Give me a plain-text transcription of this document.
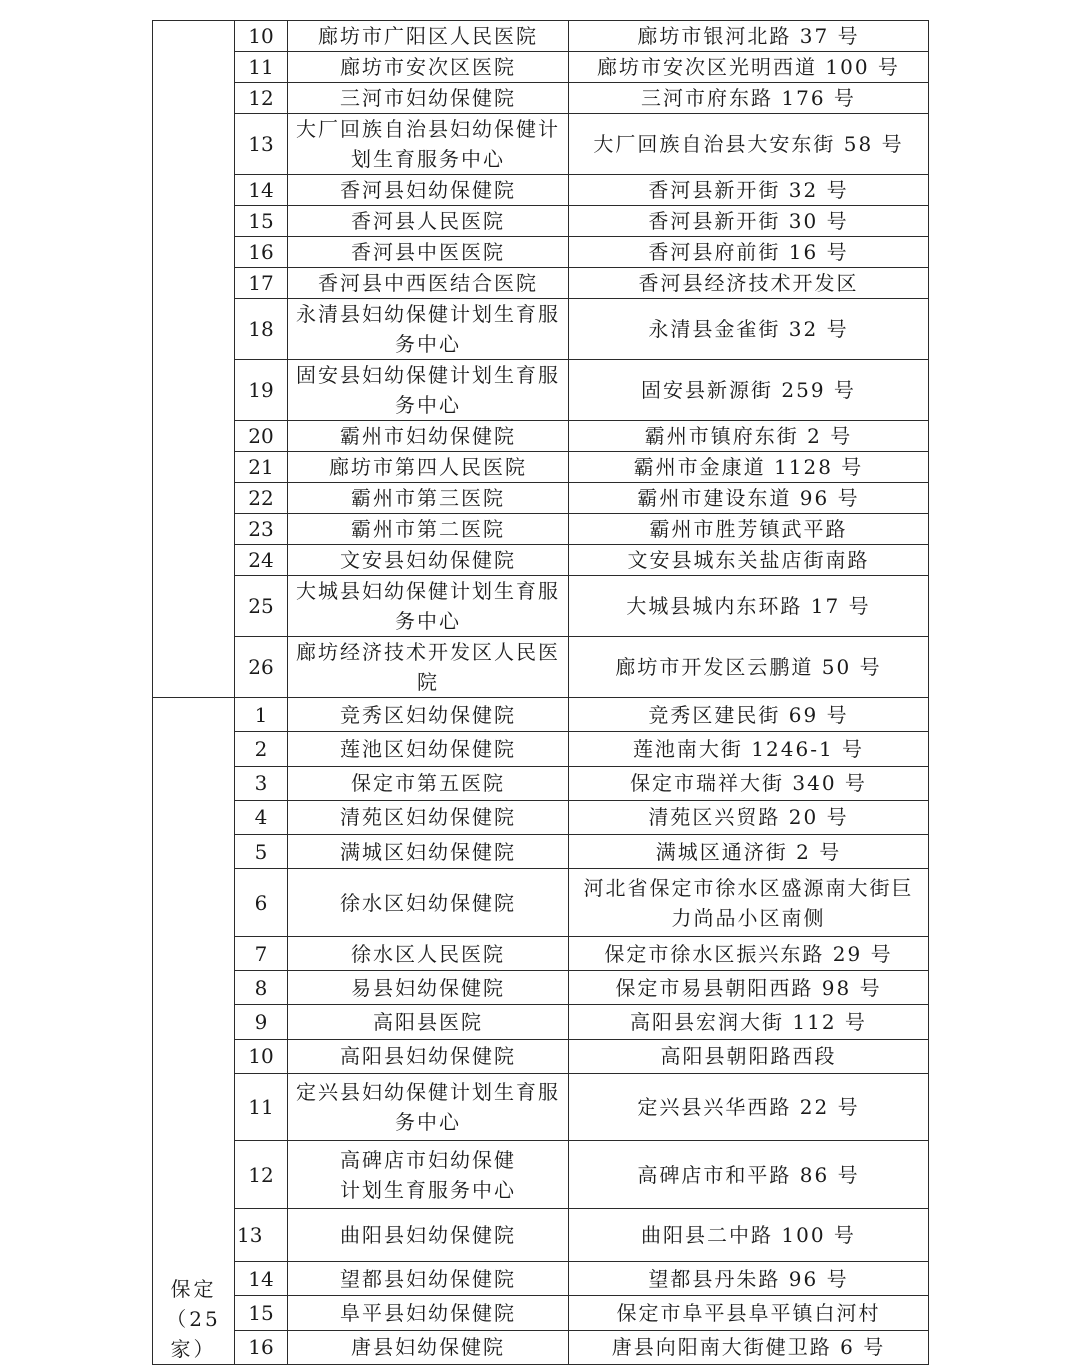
	10	廊坊市广阳区人民医院	廊坊市银河北路 37 号
	11	廊坊市安次区医院	廊坊市安次区光明西道 100 号
	12	三河市妇幼保健院	三河市府东路 176 号
	13	大厂回族自治县妇幼保健计划生育服务中心	大厂回族自治县大安东街 58 号
	14	香河县妇幼保健院	香河县新开街 32 号
	15	香河县人民医院	香河县新开街 30 号
	16	香河县中医医院	香河县府前街 16 号
	17	香河县中西医结合医院	香河县经济技术开发区
	18	永清县妇幼保健计划生育服务中心	永清县金雀街 32 号
	19	固安县妇幼保健计划生育服务中心	固安县新源街 259 号
	20	霸州市妇幼保健院	霸州市镇府东街 2 号
	21	廊坊市第四人民医院	霸州市金康道 1128 号
	22	霸州市第三医院	霸州市建设东道 96 号
	23	霸州市第二医院	霸州市胜芳镇武平路
	24	文安县妇幼保健院	文安县城东关盐店街南路
	25	大城县妇幼保健计划生育服务中心	大城县城内东环路 17 号
	26	廊坊经济技术开发区人民医院	廊坊市开发区云鹏道 50 号

保定
（25 家）	1	竞秀区妇幼保健院	竞秀区建民街 69 号
	2	莲池区妇幼保健院	莲池南大街 1246-1 号
	3	保定市第五医院	保定市瑞祥大街 340 号
	4	清苑区妇幼保健院	清苑区兴贸路 20 号
	5	满城区妇幼保健院	满城区通济街 2 号
	6	徐水区妇幼保健院	河北省保定市徐水区盛源南大街巨力尚品小区南侧
	7	徐水区人民医院	保定市徐水区振兴东路 29 号
	8	易县妇幼保健院	保定市易县朝阳西路 98 号
	9	高阳县医院	高阳县宏润大街 112 号
	10	高阳县妇幼保健院	高阳县朝阳路西段
	11	定兴县妇幼保健计划生育服务中心	定兴县兴华西路 22 号
	12	高碑店市妇幼保健
计划生育服务中心	高碑店市和平路 86 号
	13	曲阳县妇幼保健院	曲阳县二中路 100 号
	14	望都县妇幼保健院	望都县丹朱路 96 号
	15	阜平县妇幼保健院	保定市阜平县阜平镇白河村
	16	唐县妇幼保健院	唐县向阳南大街健卫路 6 号
